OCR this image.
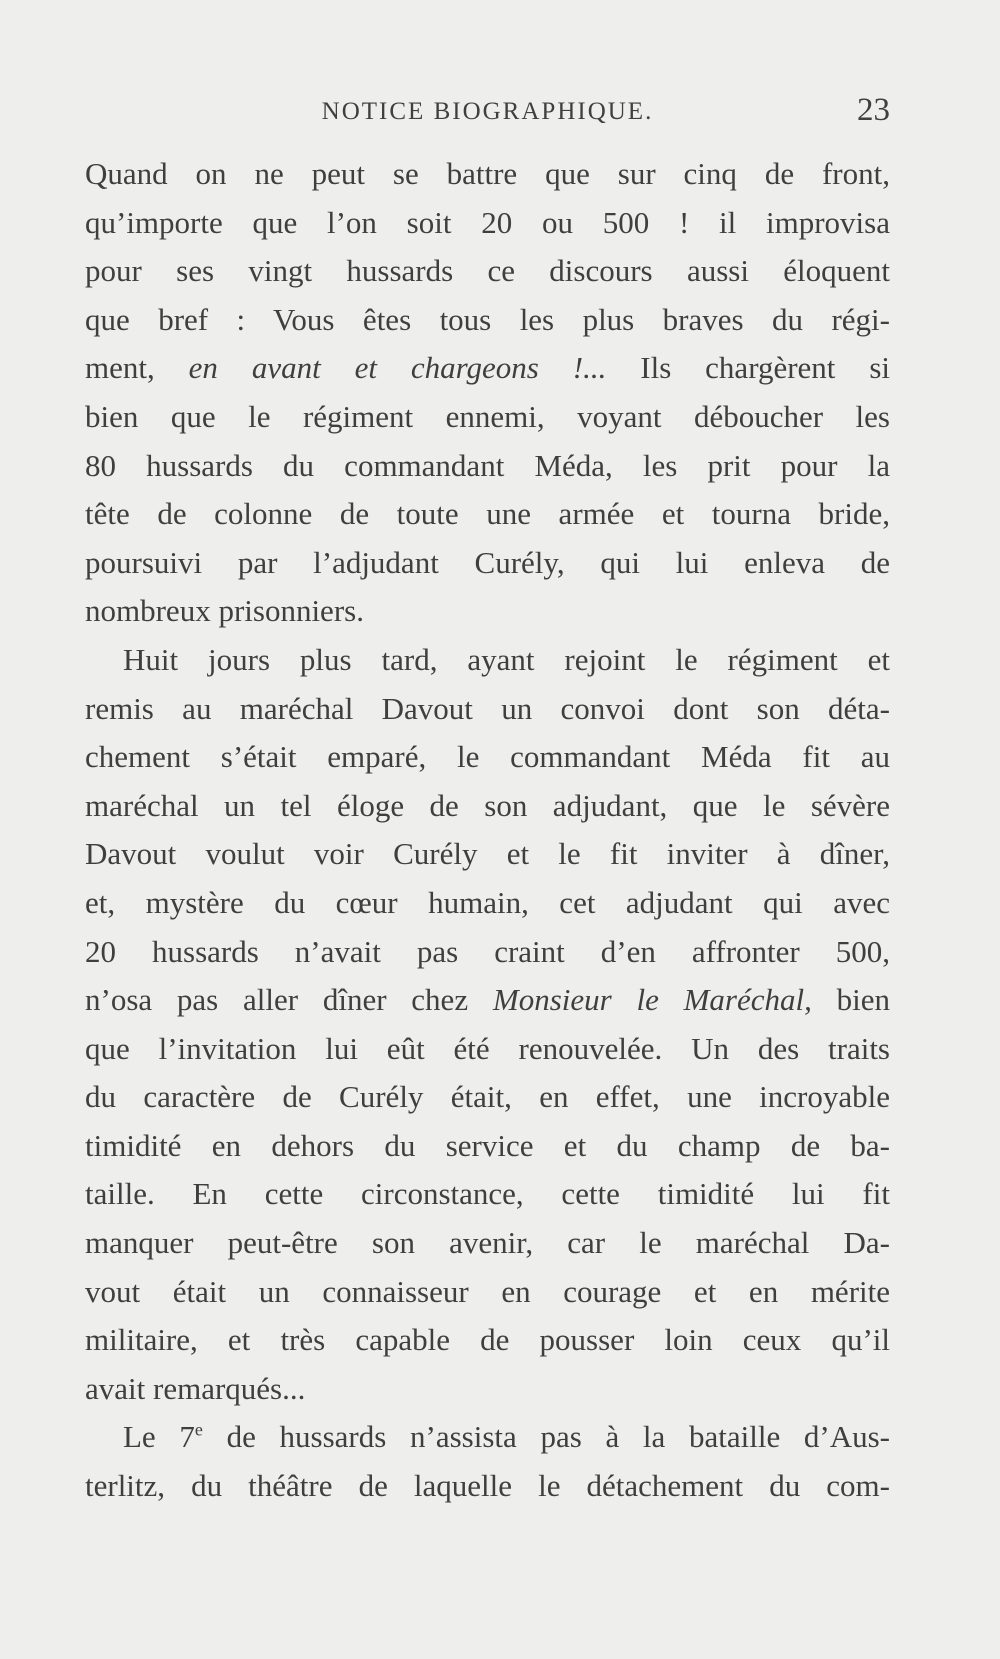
NOTICE BIOGRAPHIQUE.	23
Quand on ne peut se battre que sur cinq de front,
qu’importe que l’on soit 20 ou 500 ! il improvisa
pour ses vingt hussards ce discours aussi éloquent
que bref : Vous êtes tous les plus braves du régi-
ment, en avant et chargeons !... Ils chargèrent si
bien que le régiment ennemi, voyant déboucher les
80 hussards du commandant Méda, les prit pour la
tête de colonne de toute une armée et tourna bride,
poursuivi par l’adjudant Curély, qui lui enleva de
nombreux prisonniers.
Huit jours plus tard, ayant rejoint le régiment et
remis au maréchal Davout un convoi dont son déta-
chement s’était emparé, le commandant Méda fit au
maréchal un tel éloge de son adjudant, que le sévère
Davout voulut voir Curély et le fit inviter à dîner,
et, mystère du cœur humain, cet adjudant qui avec
20 hussards n’avait pas craint d’en affronter 500,
n’osa pas aller dîner chez Monsieur le Maréchal, bien
que l’invitation lui eût été renouvelée. Un des traits
du caractère de Curély était, en effet, une incroyable
timidité en dehors du service et du champ de ba-
taille. En cette circonstance, cette timidité lui fit
manquer peut-être son avenir, car le maréchal Da-
vout était un connaisseur en courage et en mérite
militaire, et très capable de pousser loin ceux qu’il
avait remarqués...
Le 7e de hussards n’assista pas à la bataille d’Aus-
terlitz, du théâtre de laquelle le détachement du com-
